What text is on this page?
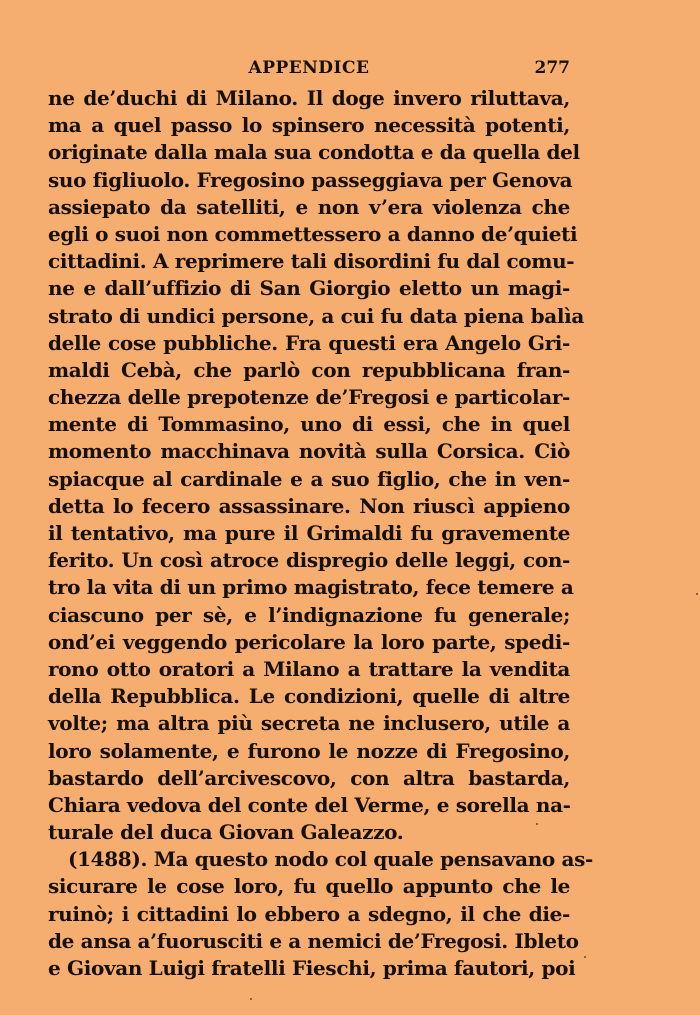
APPENDICE	277
ne de’duchi di Milano. Il doge invero riluttava,
ma a quel passo lo spinsero necessità potenti,
originate dalla mala sua condotta e da quella del
suo figliuolo. Fregosino passeggiava per Genova
assiepato da satelliti, e non v’era violenza che
egli o suoi non commettessero a danno de’quieti
cittadini. A reprimere tali disordini fu dal comu-
ne e dall’uffizio di San Giorgio eletto un magi-
strato di undici persone, a cui fu data piena balìa
delle cose pubbliche. Fra questi era Angelo Gri-
maldi Cebà, che parlò con repubblicana fran-
chezza delle prepotenze de’Fregosi e particolar-
mente di Tommasino, uno di essi, che in quel
momento macchinava novità sulla Corsica. Ciò
spiacque al cardinale e a suo figlio, che in ven-
detta lo fecero assassinare. Non riuscì appieno
il tentativo, ma pure il Grimaldi fu gravemente
ferito. Un così atroce dispregio delle leggi, con-
tro la vita di un primo magistrato, fece temere a
ciascuno per sè, e l’indignazione fu generale;
ond’ei veggendo pericolare la loro parte, spedi-
rono otto oratori a Milano a trattare la vendita
della Repubblica. Le condizioni, quelle di altre
volte; ma altra più secreta ne inclusero, utile a
loro solamente, e furono le nozze di Fregosino,
bastardo dell’arcivescovo, con altra bastarda,
Chiara vedova del conte del Verme, e sorella na-
turale del duca Giovan Galeazzo.
(1488). Ma questo nodo col quale pensavano as-
sicurare le cose loro, fu quello appunto che le
ruinò; i cittadini lo ebbero a sdegno, il che die-
de ansa a’fuorusciti e a nemici de’Fregosi. Ibleto
e Giovan Luigi fratelli Fieschi, prima fautori, poi
